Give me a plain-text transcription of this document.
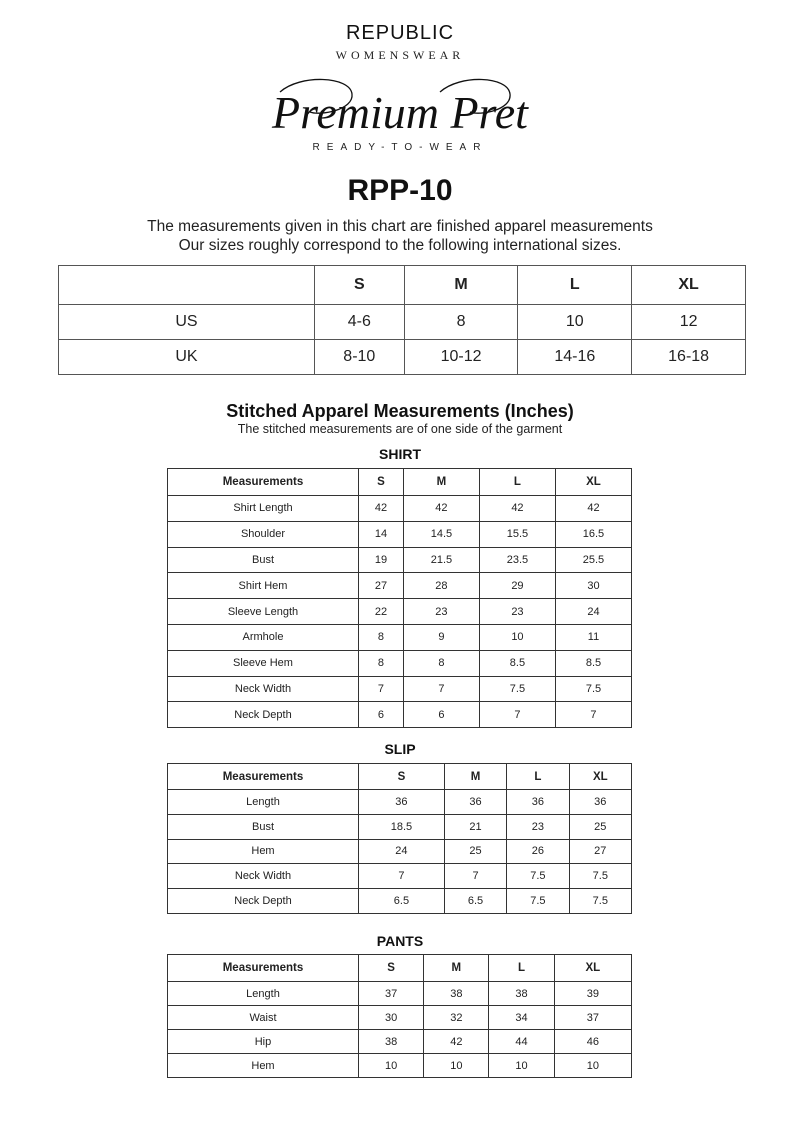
REPUBLIC
WOMENSWEAR
Premium Pret
READY-TO-WEAR
RPP-10
The measurements given in this chart are finished apparel measurements
Our sizes roughly correspond to the following international sizes.
	S	M	L	XL
US	4-6	8	10	12
UK	8-10	10-12	14-16	16-18
Stitched Apparel Measurements (Inches)
The stitched measurements are of one side of the garment
SHIRT
Measurements	S	M	L	XL
Shirt Length	42	42	42	42
Shoulder	14	14.5	15.5	16.5
Bust	19	21.5	23.5	25.5
Shirt Hem	27	28	29	30
Sleeve Length	22	23	23	24
Armhole	8	9	10	11
Sleeve Hem	8	8	8.5	8.5
Neck Width	7	7	7.5	7.5
Neck Depth	6	6	7	7
SLIP
Measurements	S	M	L	XL
Length	36	36	36	36
Bust	18.5	21	23	25
Hem	24	25	26	27
Neck Width	7	7	7.5	7.5
Neck Depth	6.5	6.5	7.5	7.5
PANTS
Measurements	S	M	L	XL
Length	37	38	38	39
Waist	30	32	34	37
Hip	38	42	44	46
Hem	10	10	10	10
